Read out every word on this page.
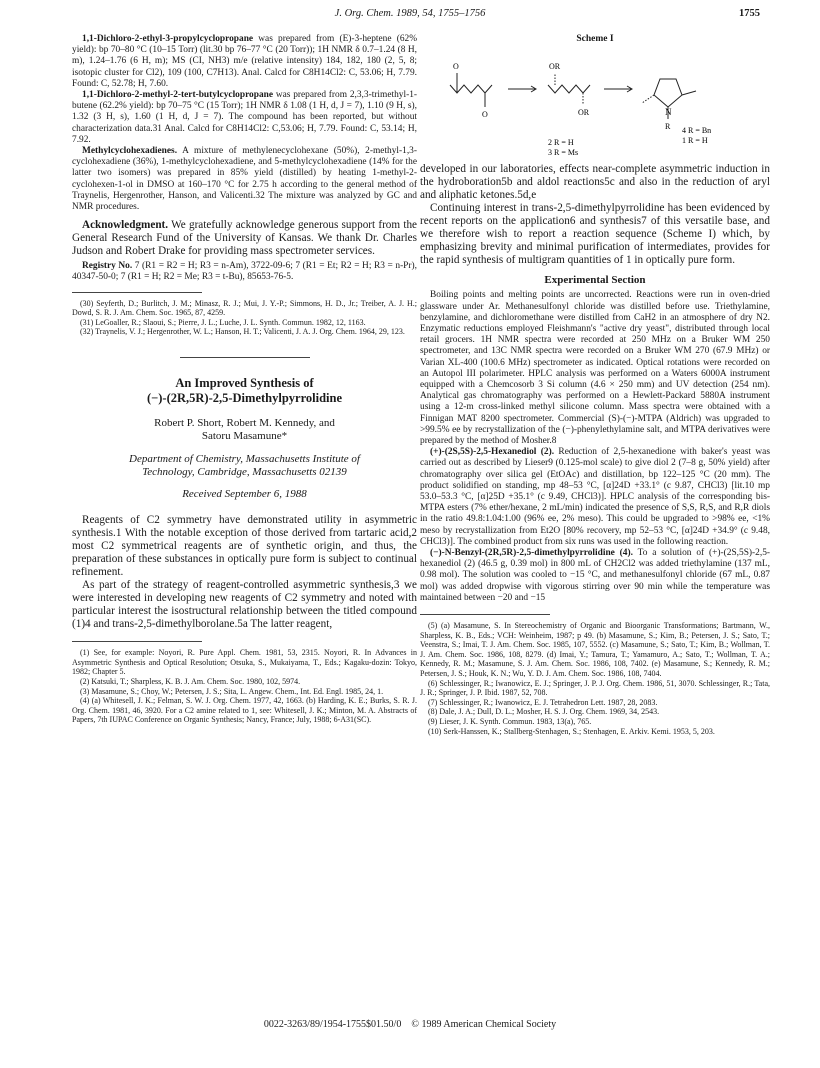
J. Org. Chem. 1989, 54, 1755–1756	1755

1,1-Dichloro-2-ethyl-3-propylcyclopropane was prepared from (E)-3-heptene (62% yield): bp 70–80 °C (10–15 Torr) (lit.30 bp 76–77 °C (20 Torr)); 1H NMR δ 0.7–1.24 (8 H, m), 1.24–1.76 (6 H, m); MS (CI, NH3) m/e (relative intensity) 184, 182, 180 (2, 5, 8; isotopic cluster for Cl2), 109 (100, C7H13). Anal. Calcd for C8H14Cl2: C, 53.06; H, 7.79. Found: C, 52.78; H, 7.60.

1,1-Dichloro-2-methyl-2-tert-butylcyclopropane was prepared from 2,3,3-trimethyl-1-butene (62.2% yield): bp 70–75 °C (15 Torr); 1H NMR δ 1.08 (1 H, d, J = 7), 1.10 (9 H, s), 1.32 (3 H, s), 1.60 (1 H, d, J = 7). The compound has been reported, but without characterization data.31 Anal. Calcd for C8H14Cl2: C,53.06; H, 7.79. Found: C, 53.14; H, 7.92.

Methylcyclohexadienes. A mixture of methylenecyclohexane (50%), 2-methyl-1,3-cyclohexadiene (36%), 1-methylcyclohexadiene, and 5-methylcyclohexadiene (14% for the latter two isomers) was prepared in 85% yield (distilled) by heating 1-methyl-2-cyclohexen-1-ol in DMSO at 160–170 °C for 2.75 h according to the general method of Traynelis, Hergenrother, Hanson, and Valicenti.32 The mixture was analyzed by GC and NMR procedures.

Acknowledgment. We gratefully acknowledge generous support from the General Research Fund of the University of Kansas. We thank Dr. Charles Judson and Robert Drake for providing mass spectrometer services.

Registry No. 7 (R1 = R2 = H; R3 = n-Am), 3722-09-6; 7 (R1 = Et; R2 = H; R3 = n-Pr), 40347-50-0; 7 (R1 = H; R2 = Me; R3 = t-Bu), 85653-76-5.

(30) Seyferth, D.; Burlitch, J. M.; Minasz, R. J.; Mui, J. Y.-P.; Simmons, H. D., Jr.; Treiber, A. J. H.; Dowd, S. R. J. Am. Chem. Soc. 1965, 87, 4259.

(31) LeGoaller, R.; Slaoui, S.; Pierre, J. L.; Luche, J. L. Synth. Commun. 1982, 12, 1163.

(32) Traynelis, V. J.; Hergenrother, W. L.; Hanson, H. T.; Valicenti, J. A. J. Org. Chem. 1964, 29, 123.

An Improved Synthesis of
(−)-(2R,5R)-2,5-Dimethylpyrrolidine
Robert P. Short, Robert M. Kennedy, and
Satoru Masamune*
Department of Chemistry, Massachusetts Institute of
Technology, Cambridge, Massachusetts 02139
Received September 6, 1988

Reagents of C2 symmetry have demonstrated utility in asymmetric synthesis.1 With the notable exception of those derived from tartaric acid,2 most C2 symmetrical reagents are of synthetic origin, and thus, the preparation of these substances in optically pure form is subject to continual refinement.

As part of the strategy of reagent-controlled asymmetric synthesis,3 we were interested in developing new reagents of C2 symmetry and noted with particular interest the isostructural relationship between the titled compound (1)4 and trans-2,5-dimethylborolane.5a The latter reagent,

(1) See, for example: Noyori, R. Pure Appl. Chem. 1981, 53, 2315. Noyori, R. In Advances in Asymmetric Synthesis and Optical Resolution; Otsuka, S., Mukaiyama, T., Eds.; Kagaku-dozin: Tokyo, 1982; Chapter 5.

(2) Katsuki, T.; Sharpless, K. B. J. Am. Chem. Soc. 1980, 102, 5974.

(3) Masamune, S.; Choy, W.; Petersen, J. S.; Sita, L. Angew. Chem., Int. Ed. Engl. 1985, 24, 1.

(4) (a) Whitesell, J. K.; Felman, S. W. J. Org. Chem. 1977, 42, 1663. (b) Harding, K. E.; Burks, S. R. J. Org. Chem. 1981, 46, 3920. For a C2 amine related to 1, see: Whitesell, J. K.; Minton, M. A. Abstracts of Papers, 7th IUPAC Conference on Organic Synthesis; Nancy, France; July, 1988; 6-A31(SC).

Scheme I
O
O
OR
OR	N
R
2 R = H
3 R = Ms
4 R = Bn
1 R = H

developed in our laboratories, effects near-complete asymmetric induction in the hydroboration5b and aldol reactions5c and also in the reduction of aryl and aliphatic ketones.5d,e

Continuing interest in trans-2,5-dimethylpyrrolidine has been evidenced by recent reports on the application6 and synthesis7 of this versatile base, and we therefore wish to report a reaction sequence (Scheme I) which, by emphasizing brevity and minimal purification of intermediates, provides for the rapid synthesis of multigram quantities of 1 in optically pure form.

Experimental Section

Boiling points and melting points are uncorrected. Reactions were run in oven-dried glassware under Ar. Methanesulfonyl chloride was distilled before use. Triethylamine, benzylamine, and dichloromethane were distilled from CaH2 in an atmosphere of dry N2. Enzymatic reductions employed Fleishmann's "active dry yeast", distributed through local retail grocers. 1H NMR spectra were recorded at 250 MHz on a Bruker WM 250 spectrometer, and 13C NMR spectra were recorded on a Bruker WM 270 (67.9 MHz) or Varian XL-400 (100.6 MHz) spectrometer as indicated. Optical rotations were recorded on an Autopol III polarimeter. HPLC analysis was performed on a Waters 6000A instrument equipped with a Chemcosorb 3 Si column (4.6 × 250 mm) and UV detection (254 nm). Analytical gas chromatography was performed on a Hewlett-Packard 5880A instrument using a 12-m cross-linked methyl silicone column. Mass spectra were obtained with a Finnigan MAT 8200 spectrometer. Commercial (S)-(−)-MTPA (Aldrich) was upgraded to >99.5% ee by recrystallization of the (−)-phenylethylamine salt, and MTPA derivatives were prepared by the method of Mosher.8

(+)-(2S,5S)-2,5-Hexanediol (2). Reduction of 2,5-hexanedione with baker's yeast was carried out as described by Lieser9 (0.125-mol scale) to give diol 2 (7–8 g, 50% yield) after chromatography over silica gel (EtOAc) and distillation, bp 122–125 °C (20 mm). The product solidified on standing, mp 48–53 °C, [α]24D +33.1° (c 9.87, CHCl3) [lit.10 mp 53.0–53.3 °C, [α]25D +35.1° (c 9.49, CHCl3)]. HPLC analysis of the corresponding bis-MTPA esters (7% ether/hexane, 2 mL/min) indicated the presence of S,S, R,S, and R,R diols in the ratio 49.8:1.04:1.00 (96% ee, 2% meso). This could be upgraded to >98% ee, <1% meso by recrystallization from Et2O [80% recovery, mp 52–53 °C, [α]24D +34.9° (c 9.48, CHCl3)]. The combined product from six runs was used in the following reaction.

(−)-N-Benzyl-(2R,5R)-2,5-dimethylpyrrolidine (4). To a solution of (+)-(2S,5S)-2,5-hexanediol (2) (46.5 g, 0.39 mol) in 800 mL of CH2Cl2 was added triethylamine (137 mL, 0.98 mol). The solution was cooled to −15 °C, and methanesulfonyl chloride (67 mL, 0.87 mol) was added dropwise with vigorous stirring over 90 min while the temperature was maintained between −20 and −15

(5) (a) Masamune, S. In Stereochemistry of Organic and Bioorganic Transformations; Bartmann, W., Sharpless, K. B., Eds.; VCH: Weinheim, 1987; p 49. (b) Masamune, S.; Kim, B.; Petersen, J. S.; Sato, T.; Veenstra, S.; Imai, T. J. Am. Chem. Soc. 1985, 107, 5552. (c) Masamune, S.; Sato, T.; Kim, B.; Wollman, T. J. Am. Chem. Soc. 1986, 108, 8279. (d) Imai, Y.; Tamura, T.; Yamamuro, A.; Sato, T.; Wollman, T. A.; Kennedy, R. M.; Masamune, S. J. Am. Chem. Soc. 1986, 108, 7402. (e) Masamune, S.; Kennedy, R. M.; Petersen, J. S.; Houk, K. N.; Wu, Y. D. J. Am. Chem. Soc. 1986, 108, 7404.

(6) Schlessinger, R.; Iwanowicz, E. J.; Springer, J. P. J. Org. Chem. 1986, 51, 3070. Schlessinger, R.; Tata, J. R.; Springer, J. P. Ibid. 1987, 52, 708.

(7) Schlessinger, R.; Iwanowicz, E. J. Tetrahedron Lett. 1987, 28, 2083.

(8) Dale, J. A.; Dull, D. L.; Mosher, H. S. J. Org. Chem. 1969, 34, 2543.

(9) Lieser, J. K. Synth. Commun. 1983, 13(a), 765.

(10) Serk-Hanssen, K.; Stallberg-Stenhagen, S.; Stenhagen, E. Arkiv. Kemi. 1953, 5, 203.

0022-3263/89/1954-1755$01.50/0 © 1989 American Chemical Society
